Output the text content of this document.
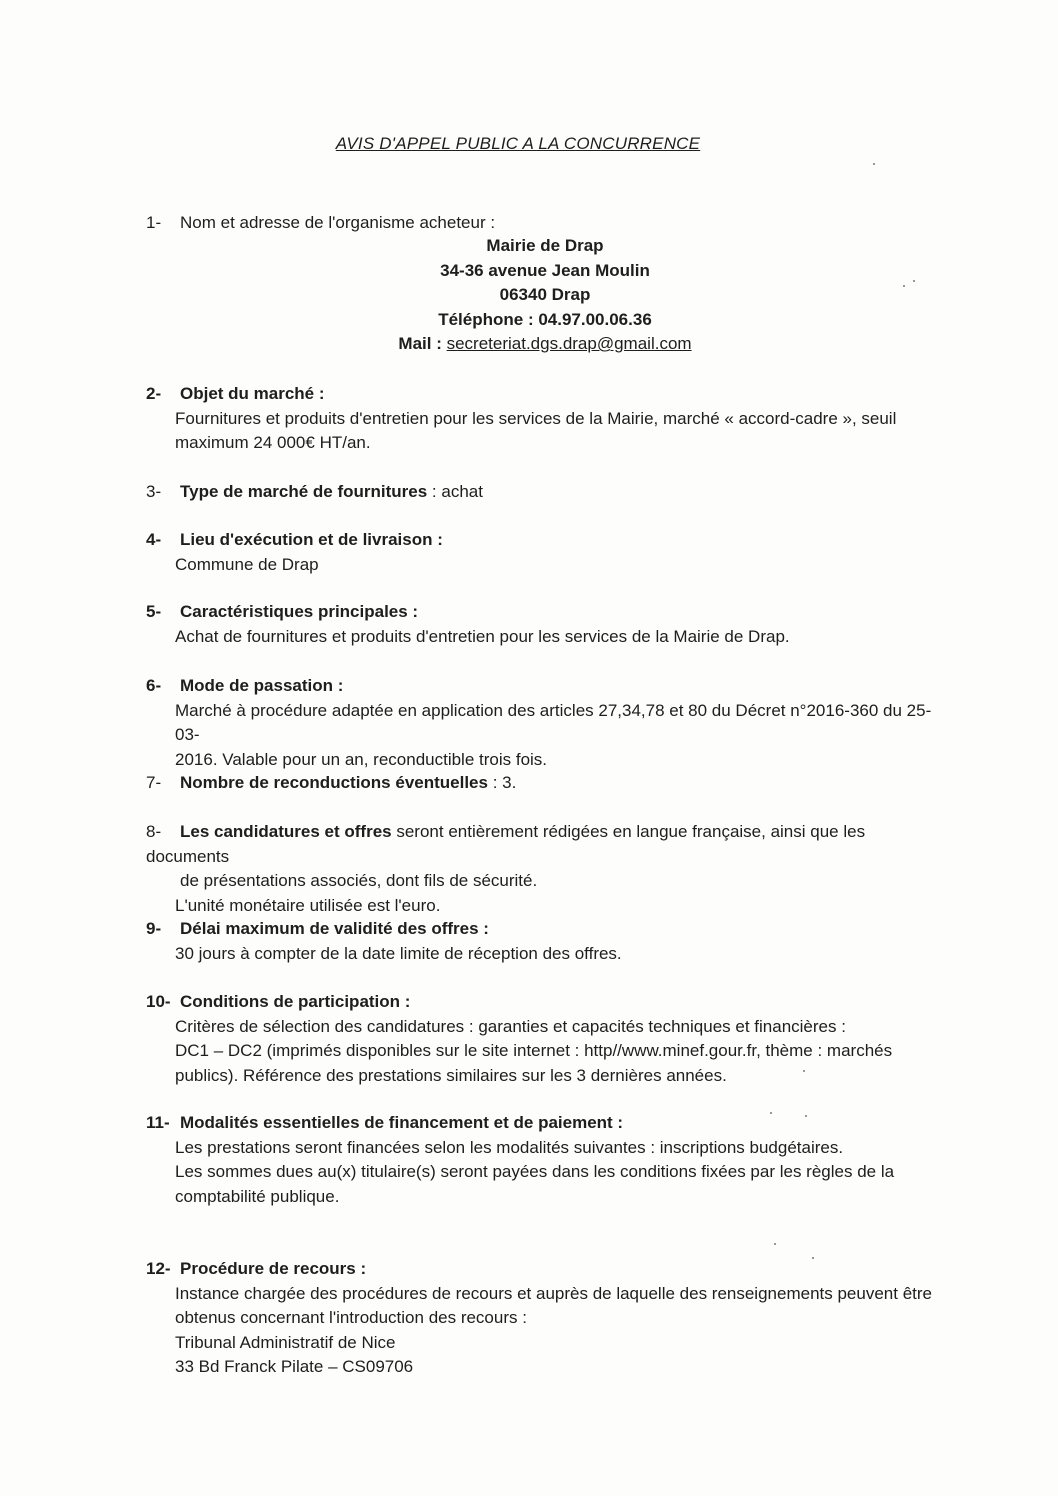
AVIS D'APPEL PUBLIC A LA CONCURRENCE
1- Nom et adresse de l'organisme acheteur :
Mairie de Drap
34-36 avenue Jean Moulin
06340 Drap
Téléphone : 04.97.00.06.36
Mail : secreteriat.dgs.drap@gmail.com
2- Objet du marché :
Fournitures et produits d'entretien pour les services de la Mairie, marché « accord-cadre », seuil
maximum 24 000€ HT/an.
3- Type de marché de fournitures : achat
4- Lieu d'exécution et de livraison :
Commune de Drap
5- Caractéristiques principales :
Achat de fournitures et produits d'entretien pour les services de la Mairie de Drap.
6- Mode de passation :
Marché à procédure adaptée en application des articles 27,34,78 et 80 du Décret n°2016-360 du 25-03-
2016. Valable pour un an, reconductible trois fois.
7- Nombre de reconductions éventuelles : 3.
8- Les candidatures et offres seront entièrement rédigées en langue française, ainsi que les documents
de présentations associés, dont fils de sécurité.
L'unité monétaire utilisée est l'euro.
9- Délai maximum de validité des offres :
30 jours à compter de la date limite de réception des offres.
10- Conditions de participation :
Critères de sélection des candidatures : garanties et capacités techniques et financières :
DC1 – DC2 (imprimés disponibles sur le site internet : http//www.minef.gour.fr, thème : marchés
publics). Référence des prestations similaires sur les 3 dernières années.
11- Modalités essentielles de financement et de paiement :
Les prestations seront financées selon les modalités suivantes : inscriptions budgétaires.
Les sommes dues au(x) titulaire(s) seront payées dans les conditions fixées par les règles de la
comptabilité publique.
12- Procédure de recours :
Instance chargée des procédures de recours et auprès de laquelle des renseignements peuvent être
obtenus concernant l'introduction des recours :
Tribunal Administratif de Nice
33 Bd Franck Pilate – CS09706
